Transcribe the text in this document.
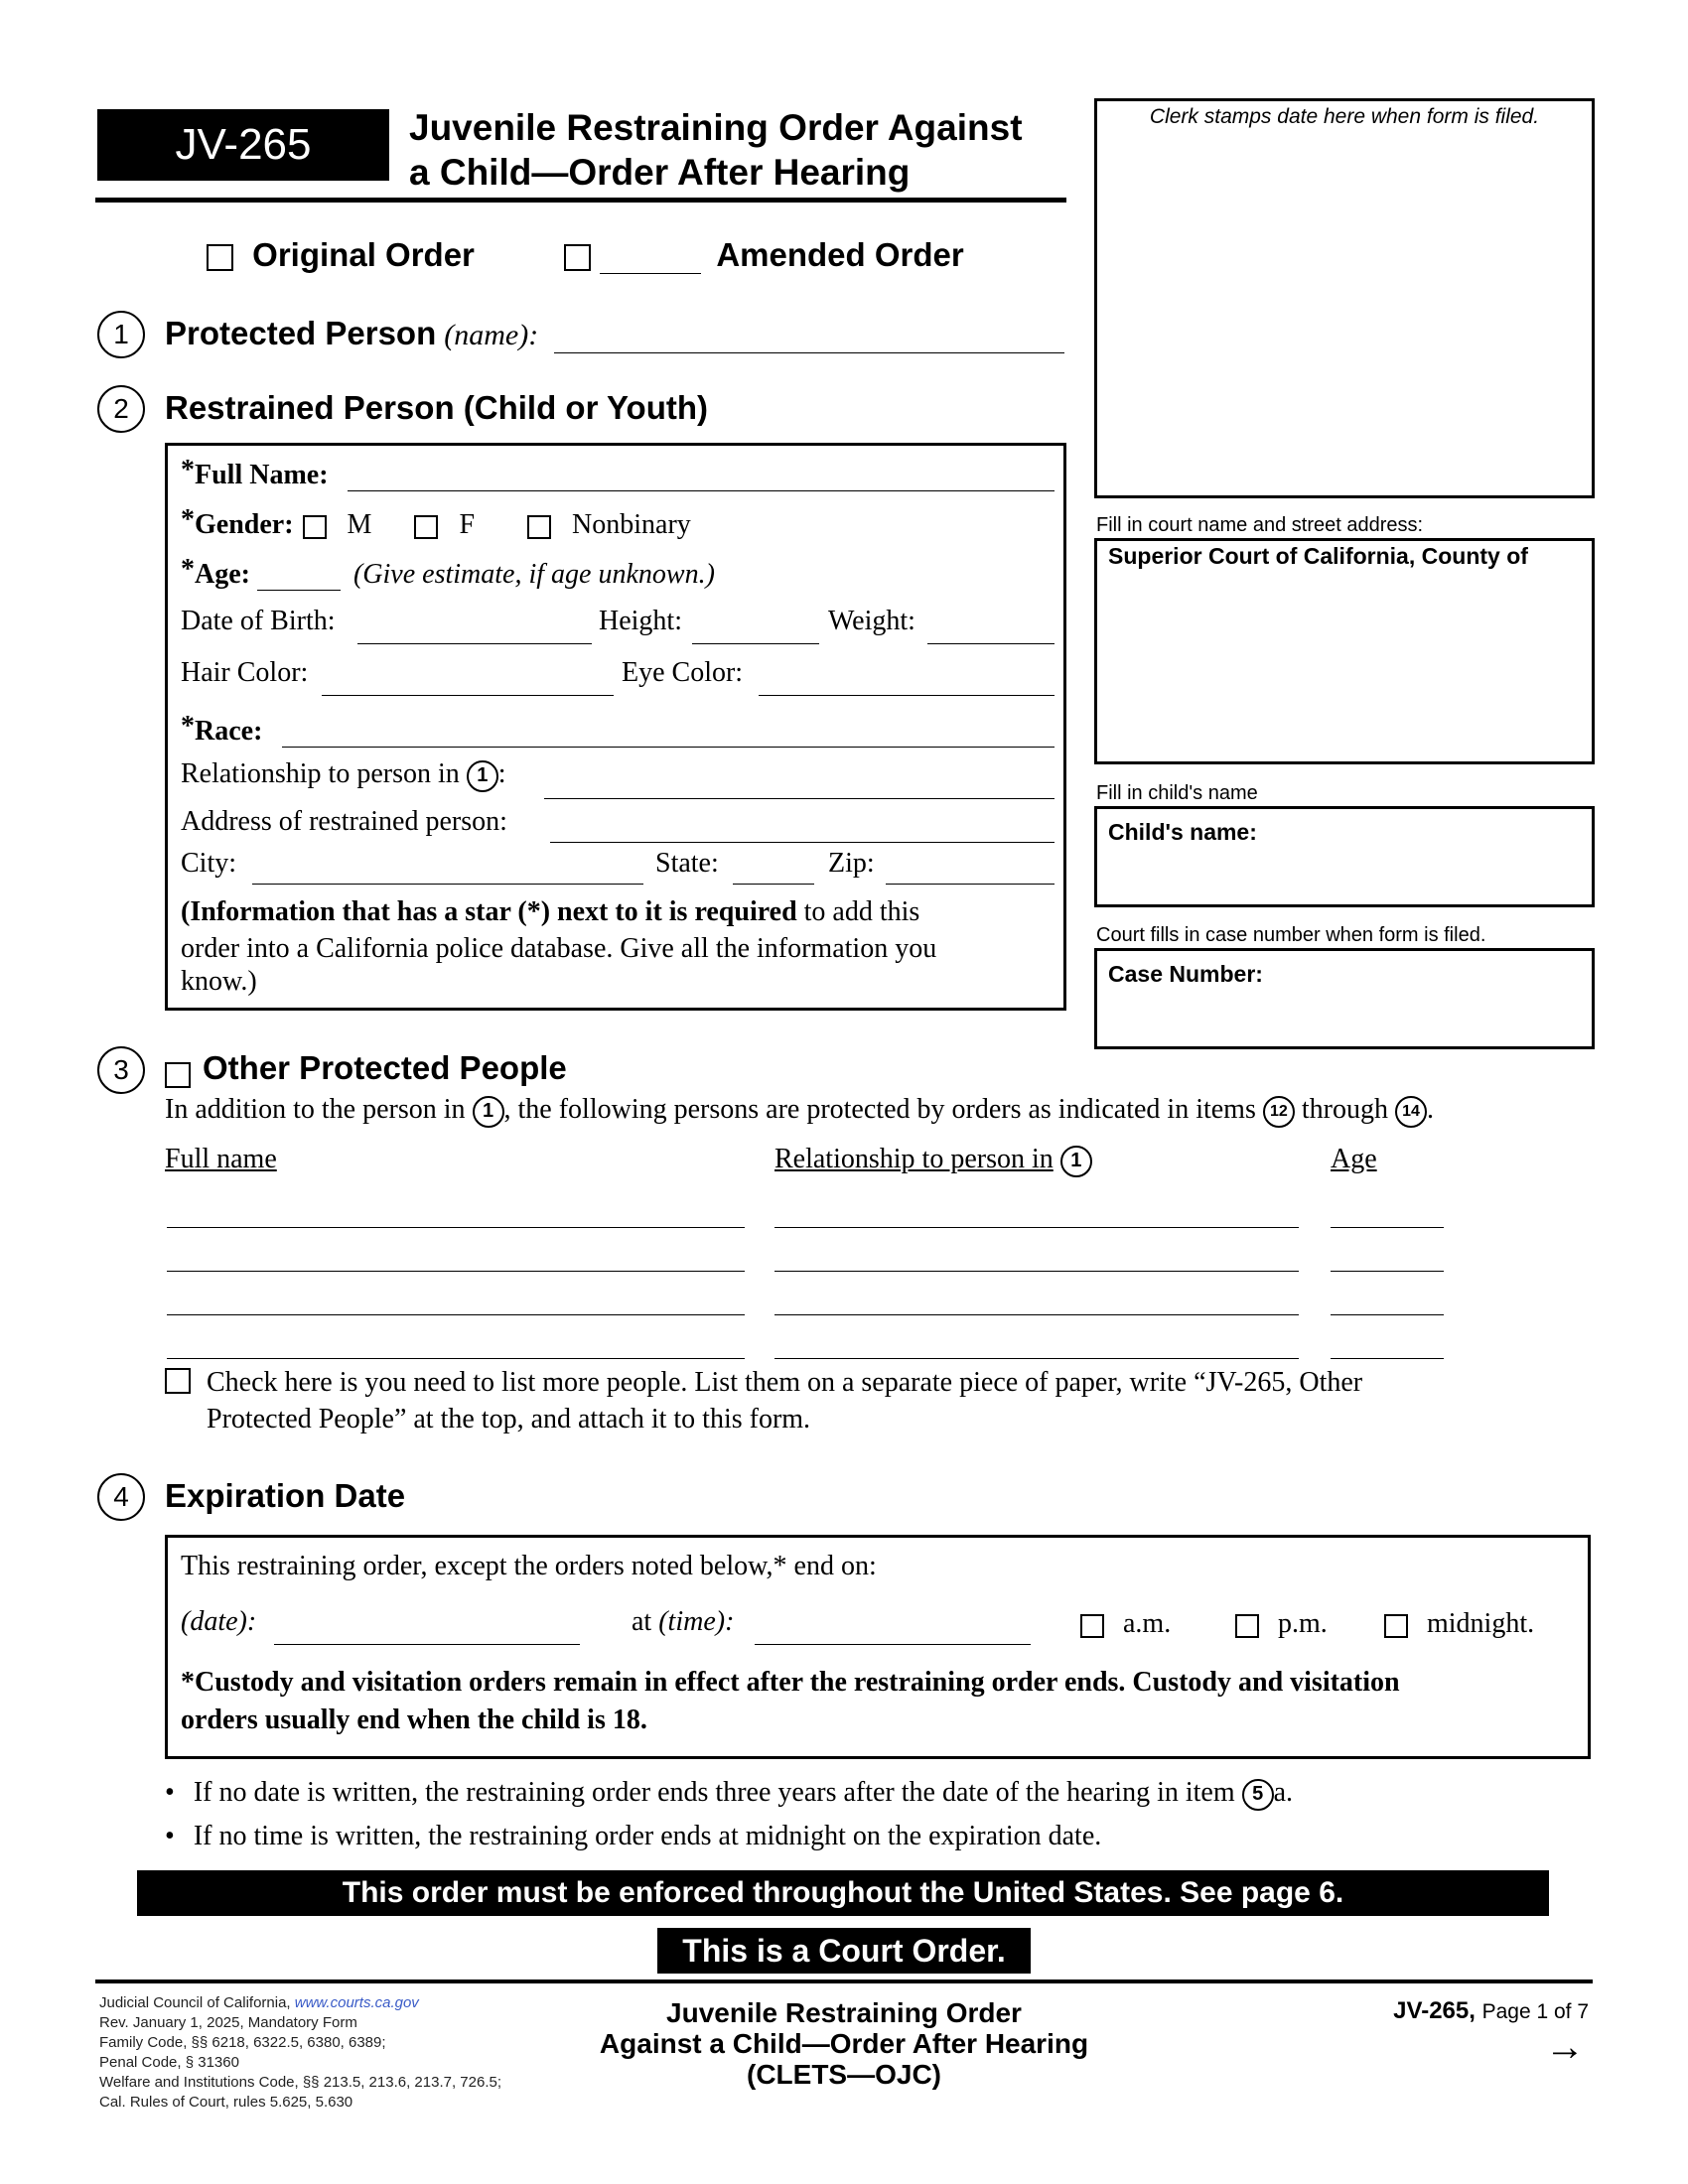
JV-265	Juvenile Restraining Order Against
a Child—Order After Hearing
Clerk stamps date here when form is filed.
Fill in court name and street address:
Superior Court of California, County of
Fill in child's name
Child's name:
Court fills in case number when form is filed.
Case Number:
Original Order	Amended Order
1	Protected Person (name):
2	Restrained Person (Child or Youth)
*Full Name:
*Gender: M	F	Nonbinary
*Age:	(Give estimate, if age unknown.)
Date of Birth:	Height:	Weight:
Hair Color:	Eye Color:
*Race:
Relationship to person in 1 :
Address of restrained person:
City:	State:	Zip:
(Information that has a star (*) next to it is required to add this
order into a California police database. Give all the information you
know.)
3	Other Protected People
In addition to the person in 1 , the following persons are protected by orders as indicated in items 12 through 14 .
Full name	Relationship to person in 1	Age
Check here is you need to list more people. List them on a separate piece of paper, write “JV-265, Other
Protected People” at the top, and attach it to this form.
4	Expiration Date
This restraining order, except the orders noted below,* end on:
(date):	at (time):	a.m.	p.m.	midnight.
*Custody and visitation orders remain in effect after the restraining order ends. Custody and visitation
orders usually end when the child is 18.
• If no date is written, the restraining order ends three years after the date of the hearing in item 5 a.
• If no time is written, the restraining order ends at midnight on the expiration date.
This order must be enforced throughout the United States. See page 6.
This is a Court Order.
Judicial Council of California, www.courts.ca.gov
Rev. January 1, 2025, Mandatory Form
Family Code, §§ 6218, 6322.5, 6380, 6389;
Penal Code, § 31360
Welfare and Institutions Code, §§ 213.5, 213.6, 213.7, 726.5;
Cal. Rules of Court, rules 5.625, 5.630
Juvenile Restraining Order
Against a Child—Order After Hearing
(CLETS—OJC)
JV-265, Page 1 of 7
→
